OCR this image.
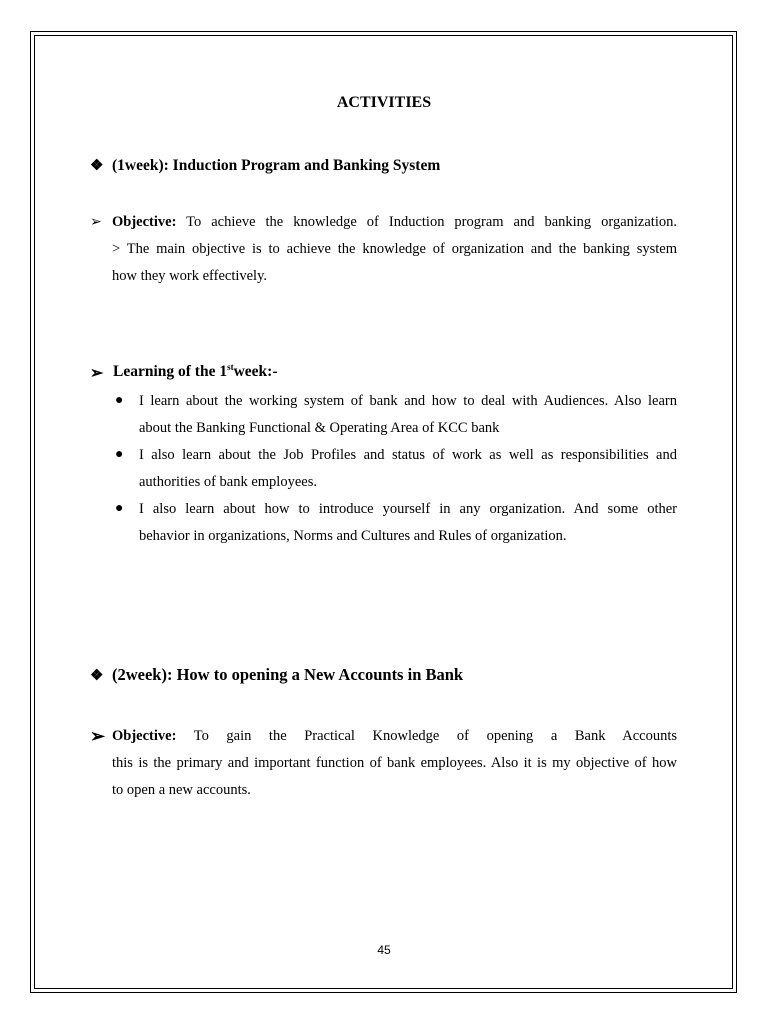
ACTIVITIES
❖ (1week): Induction Program and Banking System
➢ Objective: To achieve the knowledge of Induction program and banking organization.
> The main objective is to achieve the knowledge of organization and the banking system
how they work effectively.
➢ Learning of the 1stweek:-
● I learn about the working system of bank and how to deal with Audiences. Also learn
about the Banking Functional & Operating Area of KCC bank
● I also learn about the Job Profiles and status of work as well as responsibilities and
authorities of bank employees.
● I also learn about how to introduce yourself in any organization. And some other
behavior in organizations, Norms and Cultures and Rules of organization.
❖ (2week): How to opening a New Accounts in Bank
➢ Objective: To gain the Practical Knowledge of opening a Bank Accounts
this is the primary and important function of bank employees. Also it is my objective of how
to open a new accounts.
45
